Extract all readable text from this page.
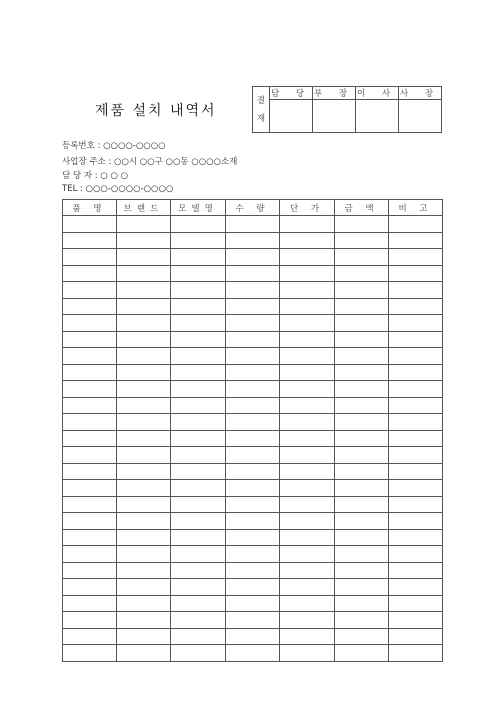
제품 설치 내역서
결
재	담 당	부 장	이 사	사 장

등록번호 : ○○○○-○○○○
사업장 주소 : ○○시 ○○구 ○○동 ○○○○소재
담 당 자 : ○ ○ ○
TEL : ○○○-○○○○-○○○○
품 명	브랜드	모델명	수 량	단 가	금 액	비 고
